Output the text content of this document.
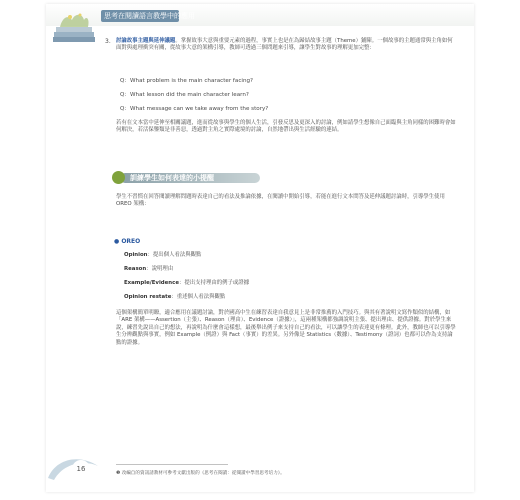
思考在閱讀語言教學中的應用
3. 討論故事主題與延伸議題。掌握故事大意與重要元素的過程，事實上也是在為歸結故事主題（Theme）鋪陳。一個故事的主題通常與主角如何面對與處理衝突有關，從故事大意的架構引導，教師可透過三個問題來引導，讓學生對故事的理解更加完整：

Q：What problem is the main character facing?
Q：What lesson did the main character learn?
Q：What message can we take away from the story?

若有在文本當中延伸至相關議題，進而從故事與學生的個人生活，引發反思及更深入的討論，例如請學生想像自己面臨與主角同樣的困難時會如何解決，若活保鑒類是非善惡，透過對主角之實際處境的討論，自然地帶出與生活經驗的連結。

訓練學生如何表達的小提醒

學生不習慣在回答閱讀理解問題時表達自己的看法及推論依據，在閱讀中開始引導，若能在進行文本問答及延伸議題討論時，引導學生使用 OREO 架構：

● OREO
Opinion：提出個人看法與觀點
Reason：說明理由
Example/Evidence：提出支持理由的例子或證據
Opinion restate：重述個人看法與觀點

這個架構簡單明瞭，適合應用在議題討論，對於國高中生在練習表達自我意見上是非常推薦的入門技巧。與其有著說明文寫作類似的結構，如「ARE 架構——Assertion（主張）、Reason（理由）、Evidence（證據）」，這兩種架構都強調說明主張、提出理由、提供證據。對於學生來說，練習先說出自己的想法，再說明為什麼會這樣想，最後舉出例子來支持自己的看法，可以讓學生的表達更有條理。此外，教師也可以引導學生分辨觀點與事實，例如 Example（例證）與 Fact（事實）的差異。另外像是 Statistics（數據）、Testimony（證詞）也都可以作為支持論點的證據。

❶ 改編自的資訊請教材可參考文獻出版的《思考在閱讀：從閱讀中學習思考培力》。
16
